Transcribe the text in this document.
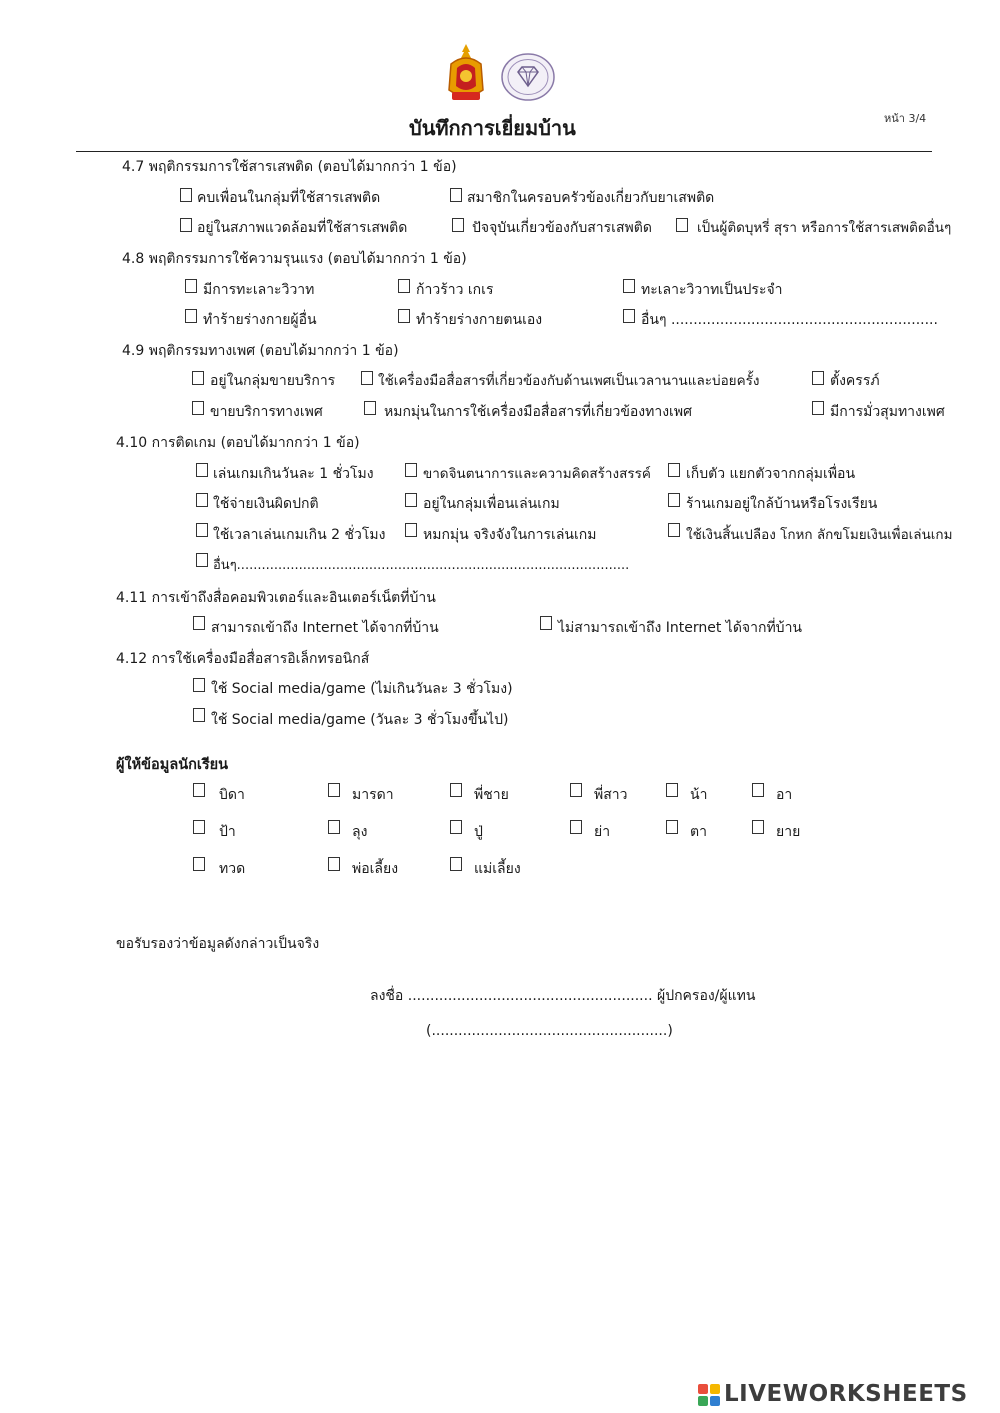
บันทึกการเยี่ยมบ้าน	หน้า 3/4
4.7 พฤติกรรมการใช้สารเสพติด (ตอบได้มากกว่า 1 ข้อ)
คบเพื่อนในกลุ่มที่ใช้สารเสพติด	สมาชิกในครอบครัวข้องเกี่ยวกับยาเสพติด
อยู่ในสภาพแวดล้อมที่ใช้สารเสพติด	ปัจจุบันเกี่ยวข้องกับสารเสพติด	เป็นผู้ติดบุหรี่ สุรา หรือการใช้สารเสพติดอื่นๆ
4.8 พฤติกรรมการใช้ความรุนแรง (ตอบได้มากกว่า 1 ข้อ)
มีการทะเลาะวิวาท	ก้าวร้าว เกเร	ทะเลาะวิวาทเป็นประจำ
ทำร้ายร่างกายผู้อื่น	ทำร้ายร่างกายตนเอง	อื่นๆ ............................................................
4.9 พฤติกรรมทางเพศ (ตอบได้มากกว่า 1 ข้อ)
อยู่ในกลุ่มขายบริการ	ใช้เครื่องมือสื่อสารที่เกี่ยวข้องกับด้านเพศเป็นเวลานานและบ่อยครั้ง	ตั้งครรภ์
ขายบริการทางเพศ	หมกมุ่นในการใช้เครื่องมือสื่อสารที่เกี่ยวข้องทางเพศ	มีการมั่วสุมทางเพศ
4.10 การติดเกม (ตอบได้มากกว่า 1 ข้อ)
เล่นเกมเกินวันละ 1 ชั่วโมง	ขาดจินตนาการและความคิดสร้างสรรค์	เก็บตัว แยกตัวจากกลุ่มเพื่อน
ใช้จ่ายเงินผิดปกติ	อยู่ในกลุ่มเพื่อนเล่นเกม	ร้านเกมอยู่ใกล้บ้านหรือโรงเรียน
ใช้เวลาเล่นเกมเกิน 2 ชั่วโมง	หมกมุ่น จริงจังในการเล่นเกม	ใช้เงินสิ้นเปลือง โกหก ลักขโมยเงินเพื่อเล่นเกม
อื่นๆ...............................................................................................
4.11 การเข้าถึงสื่อคอมพิวเตอร์และอินเตอร์เน็ตที่บ้าน
สามารถเข้าถึง Internet ได้จากที่บ้าน	ไม่สามารถเข้าถึง Internet ได้จากที่บ้าน
4.12 การใช้เครื่องมือสื่อสารอิเล็กทรอนิกส์
ใช้ Social media/game (ไม่เกินวันละ 3 ชั่วโมง)
ใช้ Social media/game (วันละ 3 ชั่วโมงขึ้นไป)
ผู้ให้ข้อมูลนักเรียน
บิดา	มารดา	พี่ชาย	พี่สาว	น้า	อา
ป้า	ลุง	ปู่	ย่า	ตา	ยาย
ทวด	พ่อเลี้ยง	แม่เลี้ยง
ขอรับรองว่าข้อมูลดังกล่าวเป็นจริง
ลงชื่อ ....................................................... ผู้ปกครอง/ผู้แทน
(.....................................................)
LIVEWORKSHEETS
